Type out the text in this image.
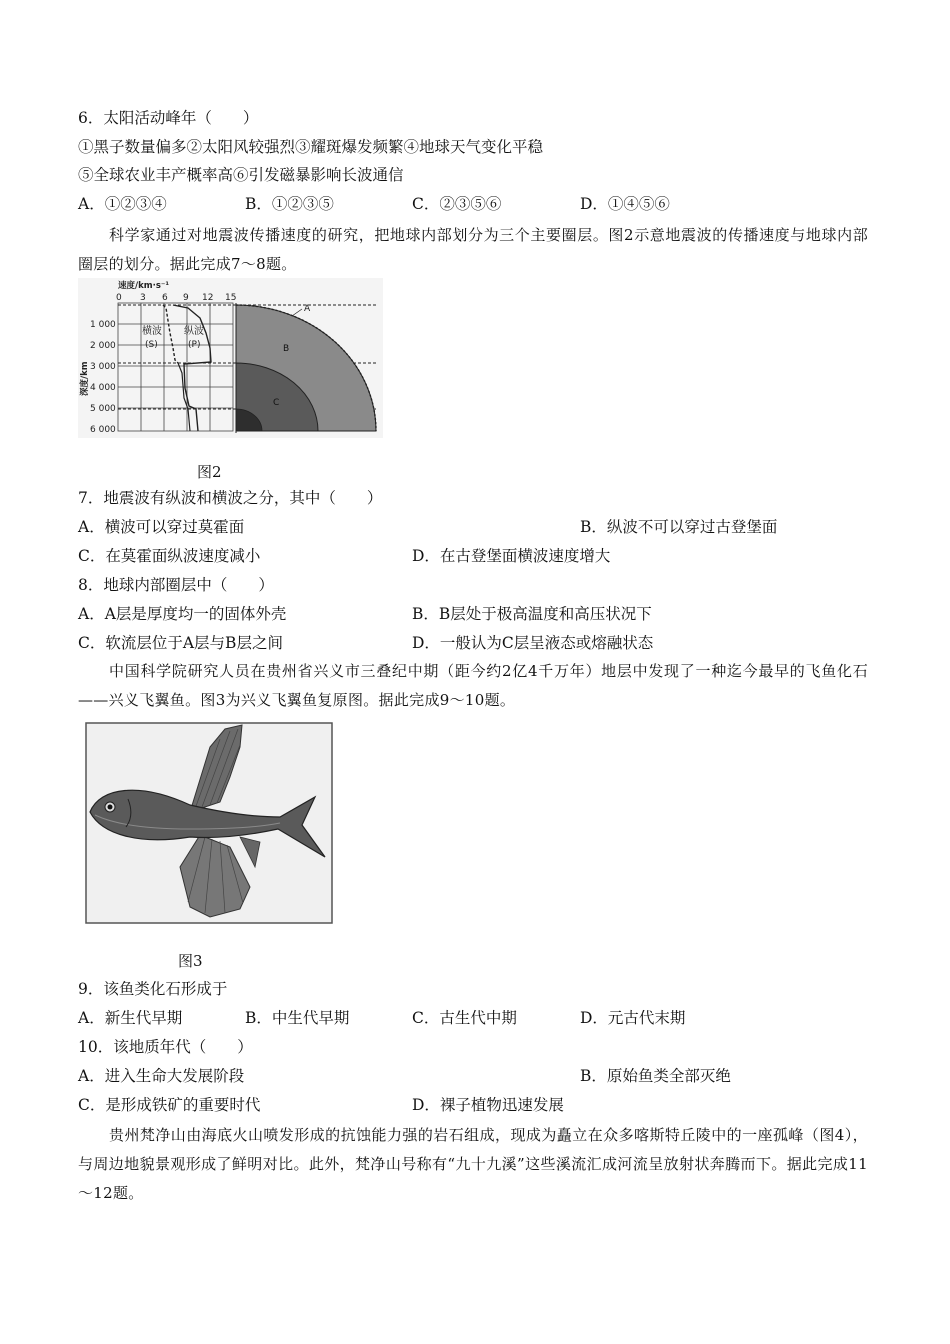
6．太阳活动峰年（　　）
①黑子数量偏多②太阳风较强烈③耀斑爆发频繁④地球天气变化平稳
⑤全球农业丰产概率高⑥引发磁暴影响长波通信
A．①②③④	B．①②③⑤	C．②③⑤⑥	D．①④⑤⑥
科学家通过对地震波传播速度的研究，把地球内部划分为三个主要圈层。图2示意地震波的传播速度与地球内部圈层的划分。据此完成7～8题。
速度/km·s⁻¹
0 3 6 9 12 15
1 000
2 000
3 000
4 000
5 000
6 000
深度/km
横波
(S)
纵波
(P)
A
B
C
图2
7．地震波有纵波和横波之分，其中（　　）
A．横波可以穿过莫霍面	B．纵波不可以穿过古登堡面
C．在莫霍面纵波速度减小	D．在古登堡面横波速度增大
8．地球内部圈层中（　　）
A．A层是厚度均一的固体外壳	B．B层处于极高温度和高压状况下
C．软流层位于A层与B层之间	D．一般认为C层呈液态或熔融状态
中国科学院研究人员在贵州省兴义市三叠纪中期（距今约2亿4千万年）地层中发现了一种迄今最早的飞鱼化石——兴义飞翼鱼。图3为兴义飞翼鱼复原图。据此完成9～10题。
图3
9．该鱼类化石形成于
A．新生代早期	B．中生代早期	C．古生代中期	D．元古代末期
10．该地质年代（　　）
A．进入生命大发展阶段	B．原始鱼类全部灭绝
C．是形成铁矿的重要时代	D．裸子植物迅速发展
贵州梵净山由海底火山喷发形成的抗蚀能力强的岩石组成，现成为矗立在众多喀斯特丘陵中的一座孤峰（图4），与周边地貌景观形成了鲜明对比。此外，梵净山号称有“九十九溪”这些溪流汇成河流呈放射状奔腾而下。据此完成11～12题。
